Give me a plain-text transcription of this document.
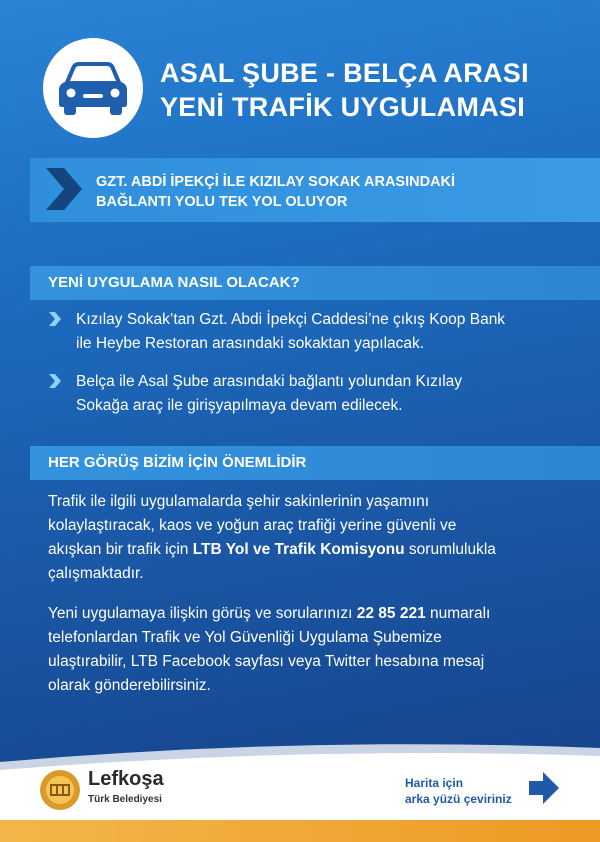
ASAL ŞUBE - BELÇA ARASI
YENİ TRAFİK UYGULAMASI
GZT. ABDİ İPEKÇİ İLE KIZILAY SOKAK ARASINDAKİ
BAĞLANTI YOLU TEK YOL OLUYOR
YENİ UYGULAMA NASIL OLACAK?
Kızılay Sokak’tan Gzt. Abdi İpekçi Caddesi’ne çıkış Koop Bank
ile Heybe Restoran arasındaki sokaktan yapılacak.
Belça ile Asal Şube arasındaki bağlantı yolundan Kızılay
Sokağa araç ile girişyapılmaya devam edilecek.
HER GÖRÜŞ BİZİM İÇİN ÖNEMLİDİR
Trafik ile ilgili uygulamalarda şehir sakinlerinin yaşamını
kolaylaştıracak, kaos ve yoğun araç trafiği yerine güvenli ve
akışkan bir trafik için LTB Yol ve Trafik Komisyonu sorumlulukla
çalışmaktadır.
Yeni uygulamaya ilişkin görüş ve sorularınızı 22 85 221 numaralı
telefonlardan Trafik ve Yol Güvenliği Uygulama Şubemize
ulaştırabilir, LTB Facebook sayfası veya Twitter hesabına mesaj
olarak gönderebilirsiniz.
Lefkoşa
Türk Belediyesi
Harita için
arka yüzü çeviriniz
